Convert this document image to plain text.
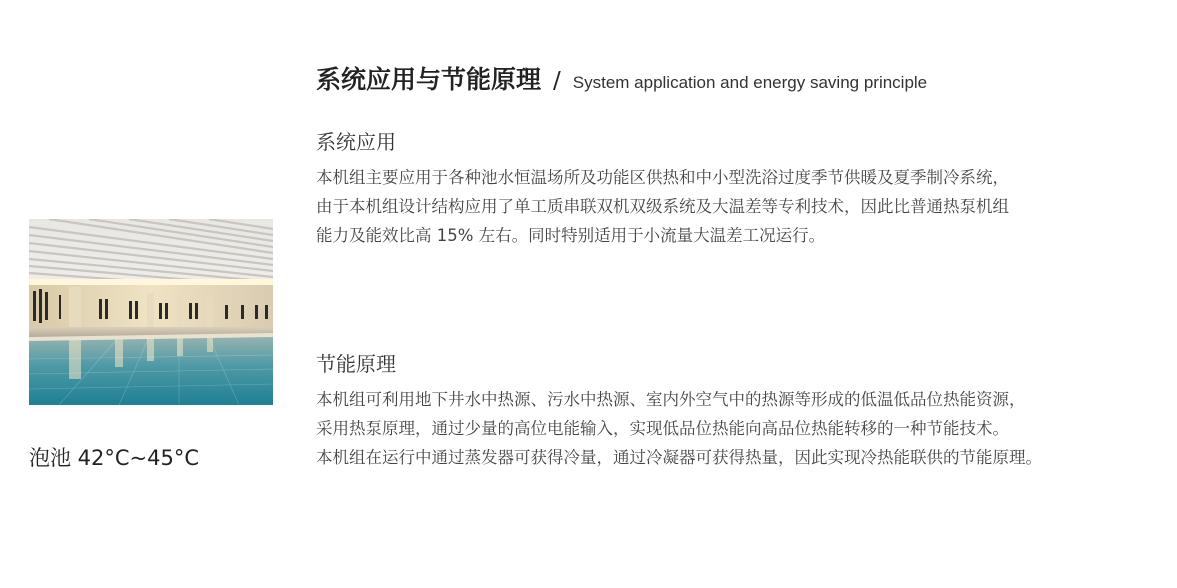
泡池 42°C~45°C
系统应用与节能原理 / System application and energy saving principle
系统应用
本机组主要应用于各种池水恒温场所及功能区供热和中小型洗浴过度季节供暖及夏季制冷系统，
由于本机组设计结构应用了单工质串联双机双级系统及大温差等专利技术，因此比普通热泵机组
能力及能效比高 15% 左右。同时特别适用于小流量大温差工况运行。
节能原理
本机组可利用地下井水中热源、污水中热源、室内外空气中的热源等形成的低温低品位热能资源，
采用热泵原理，通过少量的高位电能输入，实现低品位热能向高品位热能转移的一种节能技术。
本机组在运行中通过蒸发器可获得冷量，通过冷凝器可获得热量，因此实现冷热能联供的节能原理。
